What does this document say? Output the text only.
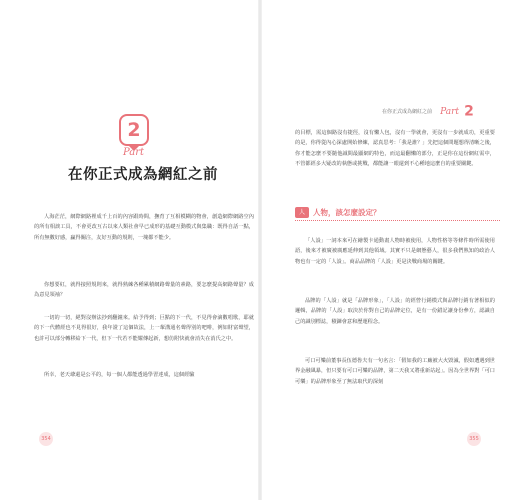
2
Part
在你正式成為網紅之前

人海茫茫，網際網路裡成千上百的內容跟時間，撫育了互相模糊的物會，創造網際網路空內的所有相談工具，不會更改互古以來人類社會早已成形的基礎互動模式與集職：既得自話一點，所有無數好感，贏得關注，友好互動的規則，一塊都不能少。

你想要紅，就得接照規則來，就得熟練各種累積網路聲量的素路，要怎麼提高網路聲量？成為意見領袖？

一切的一切，絕對沒辦法抄到翻鐘來。給予得到；巨點的下一代，不見得會滴數唱歌，耶就的下一代體經也不見得很好，我年證了這個故法，上一輩溝通名聲得別的吧啡，例如財富聲望，也許可以部分轉移給下一代，但下一代若不能耀傳起新，想仿附快就會消失在消氏之中。

所幸，老天爺還是公平的，每一個人都能透過學習達成，這個經驗

354
在你正式成為網紅之前 Part 2

的目標，需這個路沒有捷徑，沒有懶人包，沒有一學就會，更沒有一步就成功，更重要的是，你得從內心深處開始修練，認真思考：「我是誰？」先把這個問題想得清晰之後，你才能怎麼不要隨他誠間最顯網的特色，而這最翻懶的部分，正是你在這份網紅需中，不管都經多大疑改的執態或挑戰，都能讓一眼還到不心種地這麼自的重要關鍵。

人	人物，該怎麼設定？

「人設」一詞本來可在繪製卡通動畫人物時被使用，人物性格等等條件時所需使用語，後來才被廣被廣應延伸到其他領域。其實不只是網態藝人，很多我們熟知的政治人物也有一定的「人設」。商品品牌的「人設」更是決戰商場的關鍵。

品牌的「人設」就是「品牌形象」，「人設」的經營行銷模式與品牌行銷有著相似的邏輯，品牌的「人設」取決於你對自己的品牌定位，是有一份錯記讓身份參方，認識自己的識別標誌，積鍊會意和歷運程念。

可口可樂前董事長伍德魯夫有一句名言：「假如我的工廠被大火毀滅，假如遭遇到世界金融風暴，但只要有可口可樂的品牌，第二天我又將重新站起」。因為全世界對「可口可樂」的品牌形象至了無法取代的深刻

355
